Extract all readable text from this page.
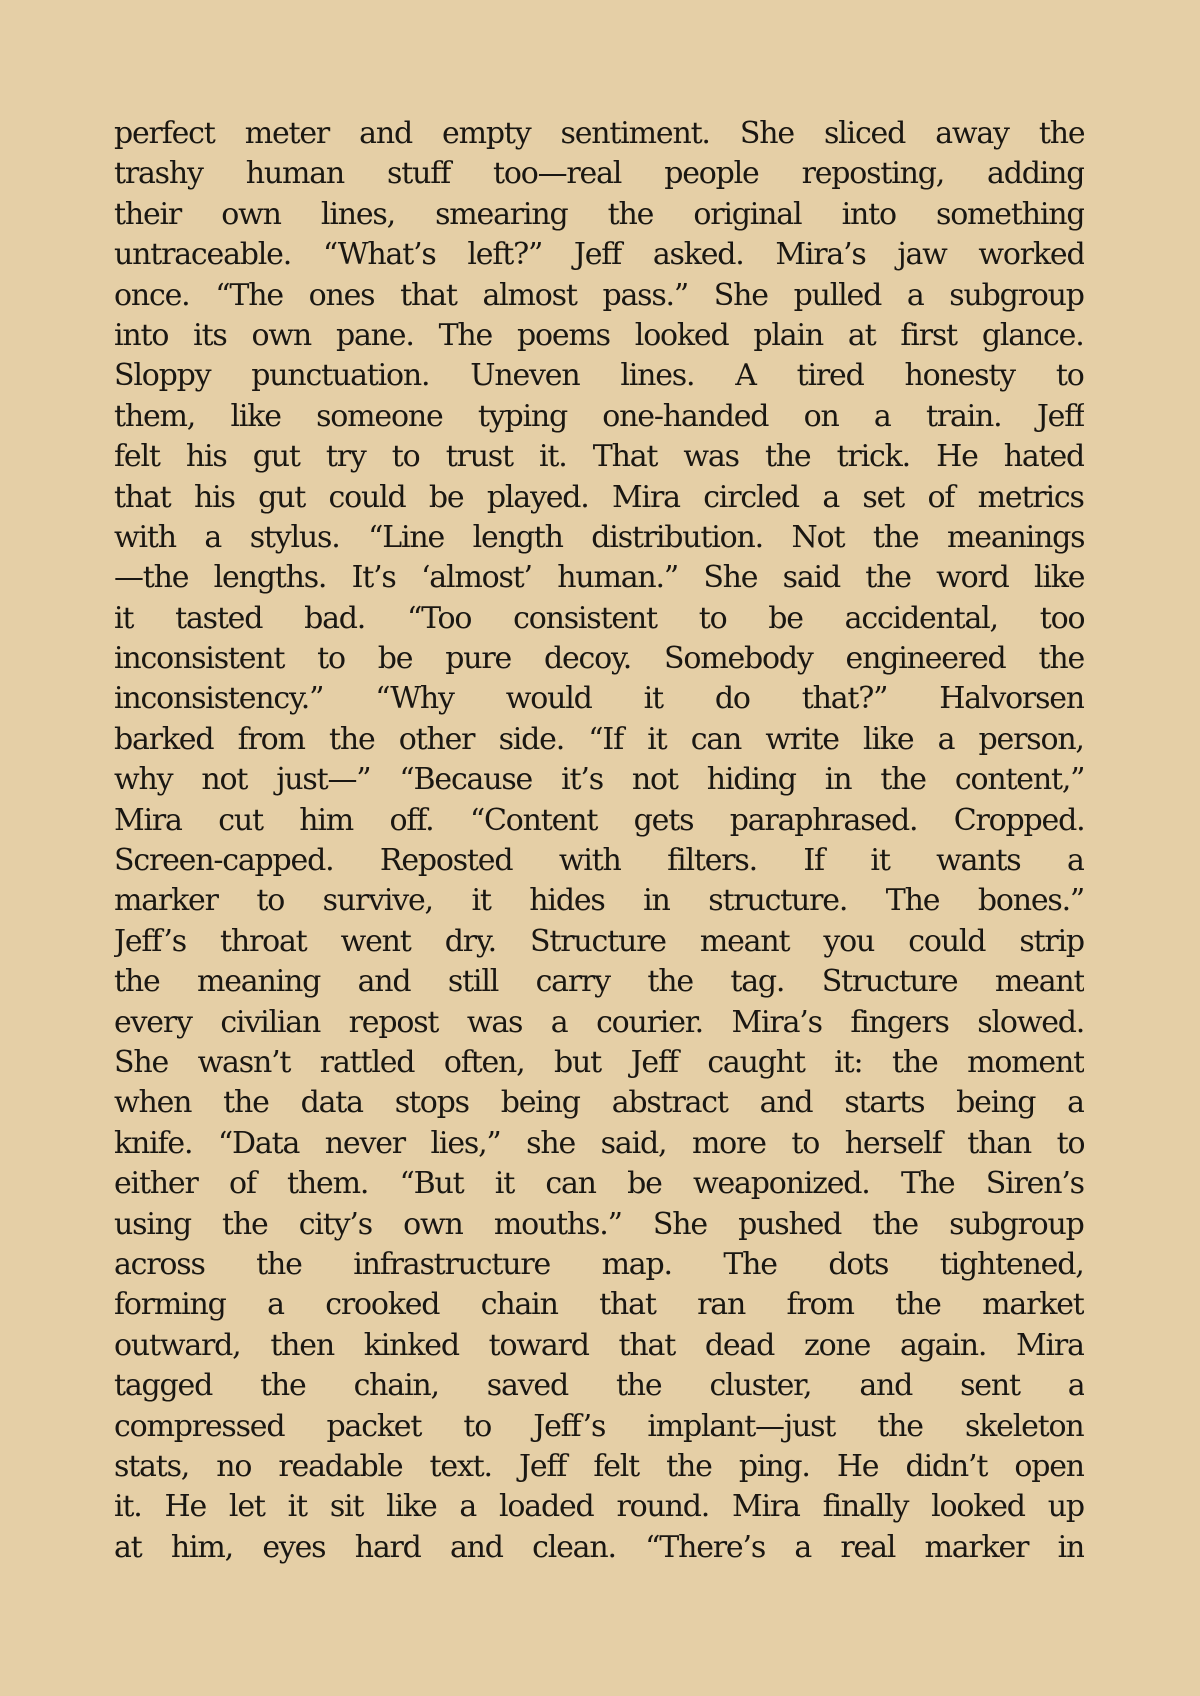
perfect meter and empty sentiment. She sliced away the
trashy human stuff too—real people reposting, adding
their own lines, smearing the original into something
untraceable. “What’s left?” Jeff asked. Mira’s jaw worked
once. “The ones that almost pass.” She pulled a subgroup
into its own pane. The poems looked plain at first glance.
Sloppy punctuation. Uneven lines. A tired honesty to
them, like someone typing one-handed on a train. Jeff
felt his gut try to trust it. That was the trick. He hated
that his gut could be played. Mira circled a set of metrics
with a stylus. “Line length distribution. Not the meanings
—the lengths. It’s ‘almost’ human.” She said the word like
it tasted bad. “Too consistent to be accidental, too
inconsistent to be pure decoy. Somebody engineered the
inconsistency.” “Why would it do that?” Halvorsen
barked from the other side. “If it can write like a person,
why not just—” “Because it’s not hiding in the content,”
Mira cut him off. “Content gets paraphrased. Cropped.
Screen-capped. Reposted with filters. If it wants a
marker to survive, it hides in structure. The bones.”
Jeff’s throat went dry. Structure meant you could strip
the meaning and still carry the tag. Structure meant
every civilian repost was a courier. Mira’s fingers slowed.
She wasn’t rattled often, but Jeff caught it: the moment
when the data stops being abstract and starts being a
knife. “Data never lies,” she said, more to herself than to
either of them. “But it can be weaponized. The Siren’s
using the city’s own mouths.” She pushed the subgroup
across the infrastructure map. The dots tightened,
forming a crooked chain that ran from the market
outward, then kinked toward that dead zone again. Mira
tagged the chain, saved the cluster, and sent a
compressed packet to Jeff’s implant—just the skeleton
stats, no readable text. Jeff felt the ping. He didn’t open
it. He let it sit like a loaded round. Mira finally looked up
at him, eyes hard and clean. “There’s a real marker in
